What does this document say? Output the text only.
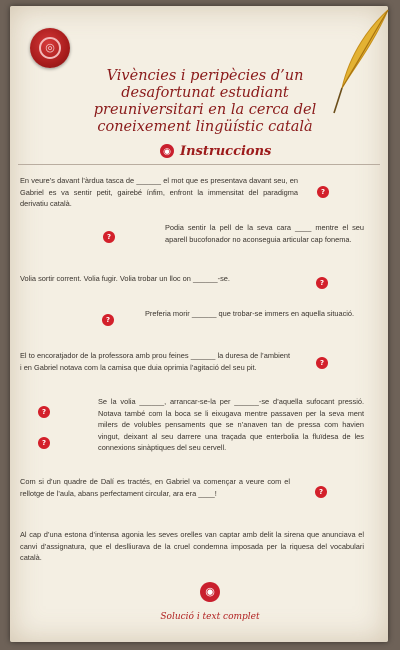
◎
Vivències i peripècies d’un desafortunat estudiant preuniversitari en la cerca del coneixement lingüístic català
◉ Instruccions
En veure’s davant l’àrdua tasca de ______ el mot que es presentava davant seu, en Gabriel es va sentir petit, gairebé ínfim, enfront la immensitat del paradigma derivatiu català.
?
Podia sentir la pell de la seva cara ____ mentre el seu aparell bucofonador no aconseguia articular cap fonema.
?
Volia sortir corrent. Volia fugir. Volia trobar un lloc on ______-se.	?
Preferia morir ______ que trobar-se immers en aquella situació.
?
El to encoratjador de la professora amb prou feines ______ la duresa de l’ambient i en Gabriel notava com la camisa que duia oprimia l’agitació del seu pit.	?
Se la volia ______, arrancar-se-la per ______-se d’aquella sufocant pressió. Notava també com la boca se li eixugava mentre passaven per la seva ment milers de volubles pensaments que se n’anaven tan de pressa com havien vingut, deixant al seu darrere una traçada que enterbolia la fluïdesa de les connexions sinàptiques del seu cervell.
?
?
Com si d’un quadre de Dalí es tractés, en Gabriel va començar a veure com el rellotge de l’aula, abans perfectament circular, ara era ____!	?
Al cap d’una estona d’intensa agonia les seves orelles van captar amb delit la sirena que anunciava el canvi d’assignatura, que el deslliurava de la cruel condemna imposada per la riquesa del vocabulari català.
◉
Solució i text complet
